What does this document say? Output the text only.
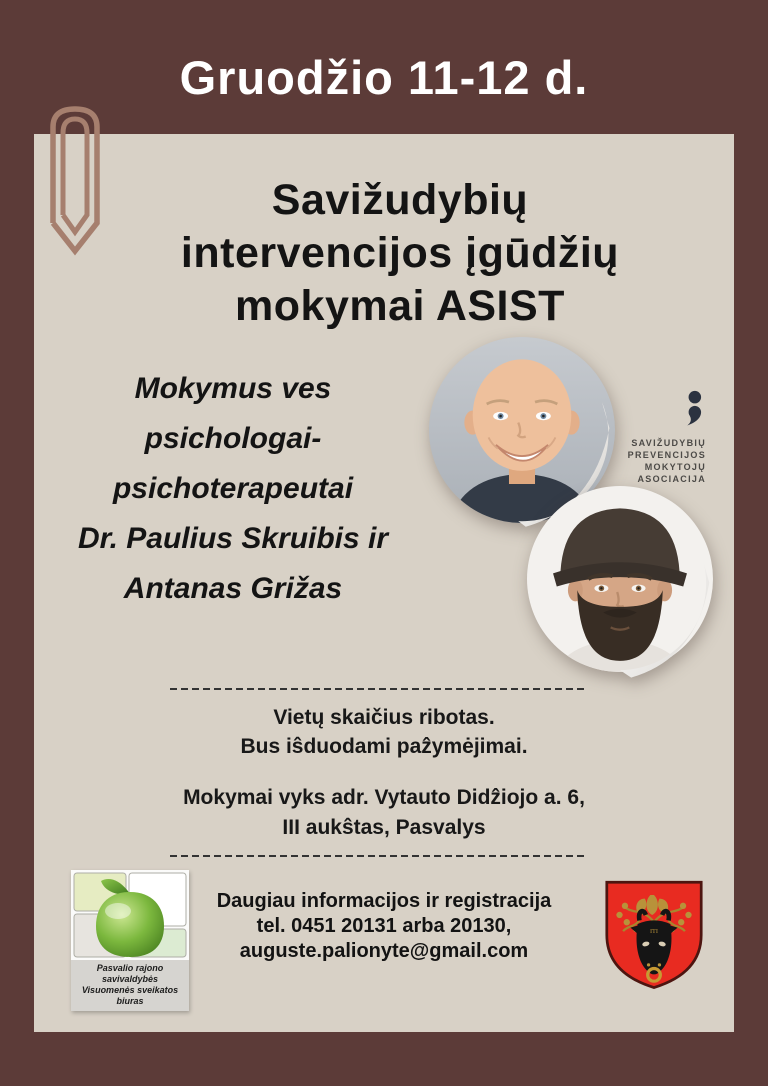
Gruodžio 11-12 d.
Savižudybių
intervencijos įgūdžių
mokymai ASIST
Mokymus ves
psichologai-
psichoterapeutai
Dr. Paulius Skruibis ir
Antanas Grižas
SAVIŽUDYBIŲ
PREVENCIJOS
MOKYTOJŲ
ASOCIACIJA
Vietų skaičius ribotas.
Bus iŝduodami paẑymėjimai.
Mokymai vyks adr. Vytauto Didẑiojo a. 6,
III aukŝtas, Pasvalys
Pasvalio rajono savivaldybės
Visuomenės sveikatos biuras
Daugiau informacijos ir registracija
tel. 0451 20131 arba 20130,
auguste.palionyte@gmail.com
ITI
